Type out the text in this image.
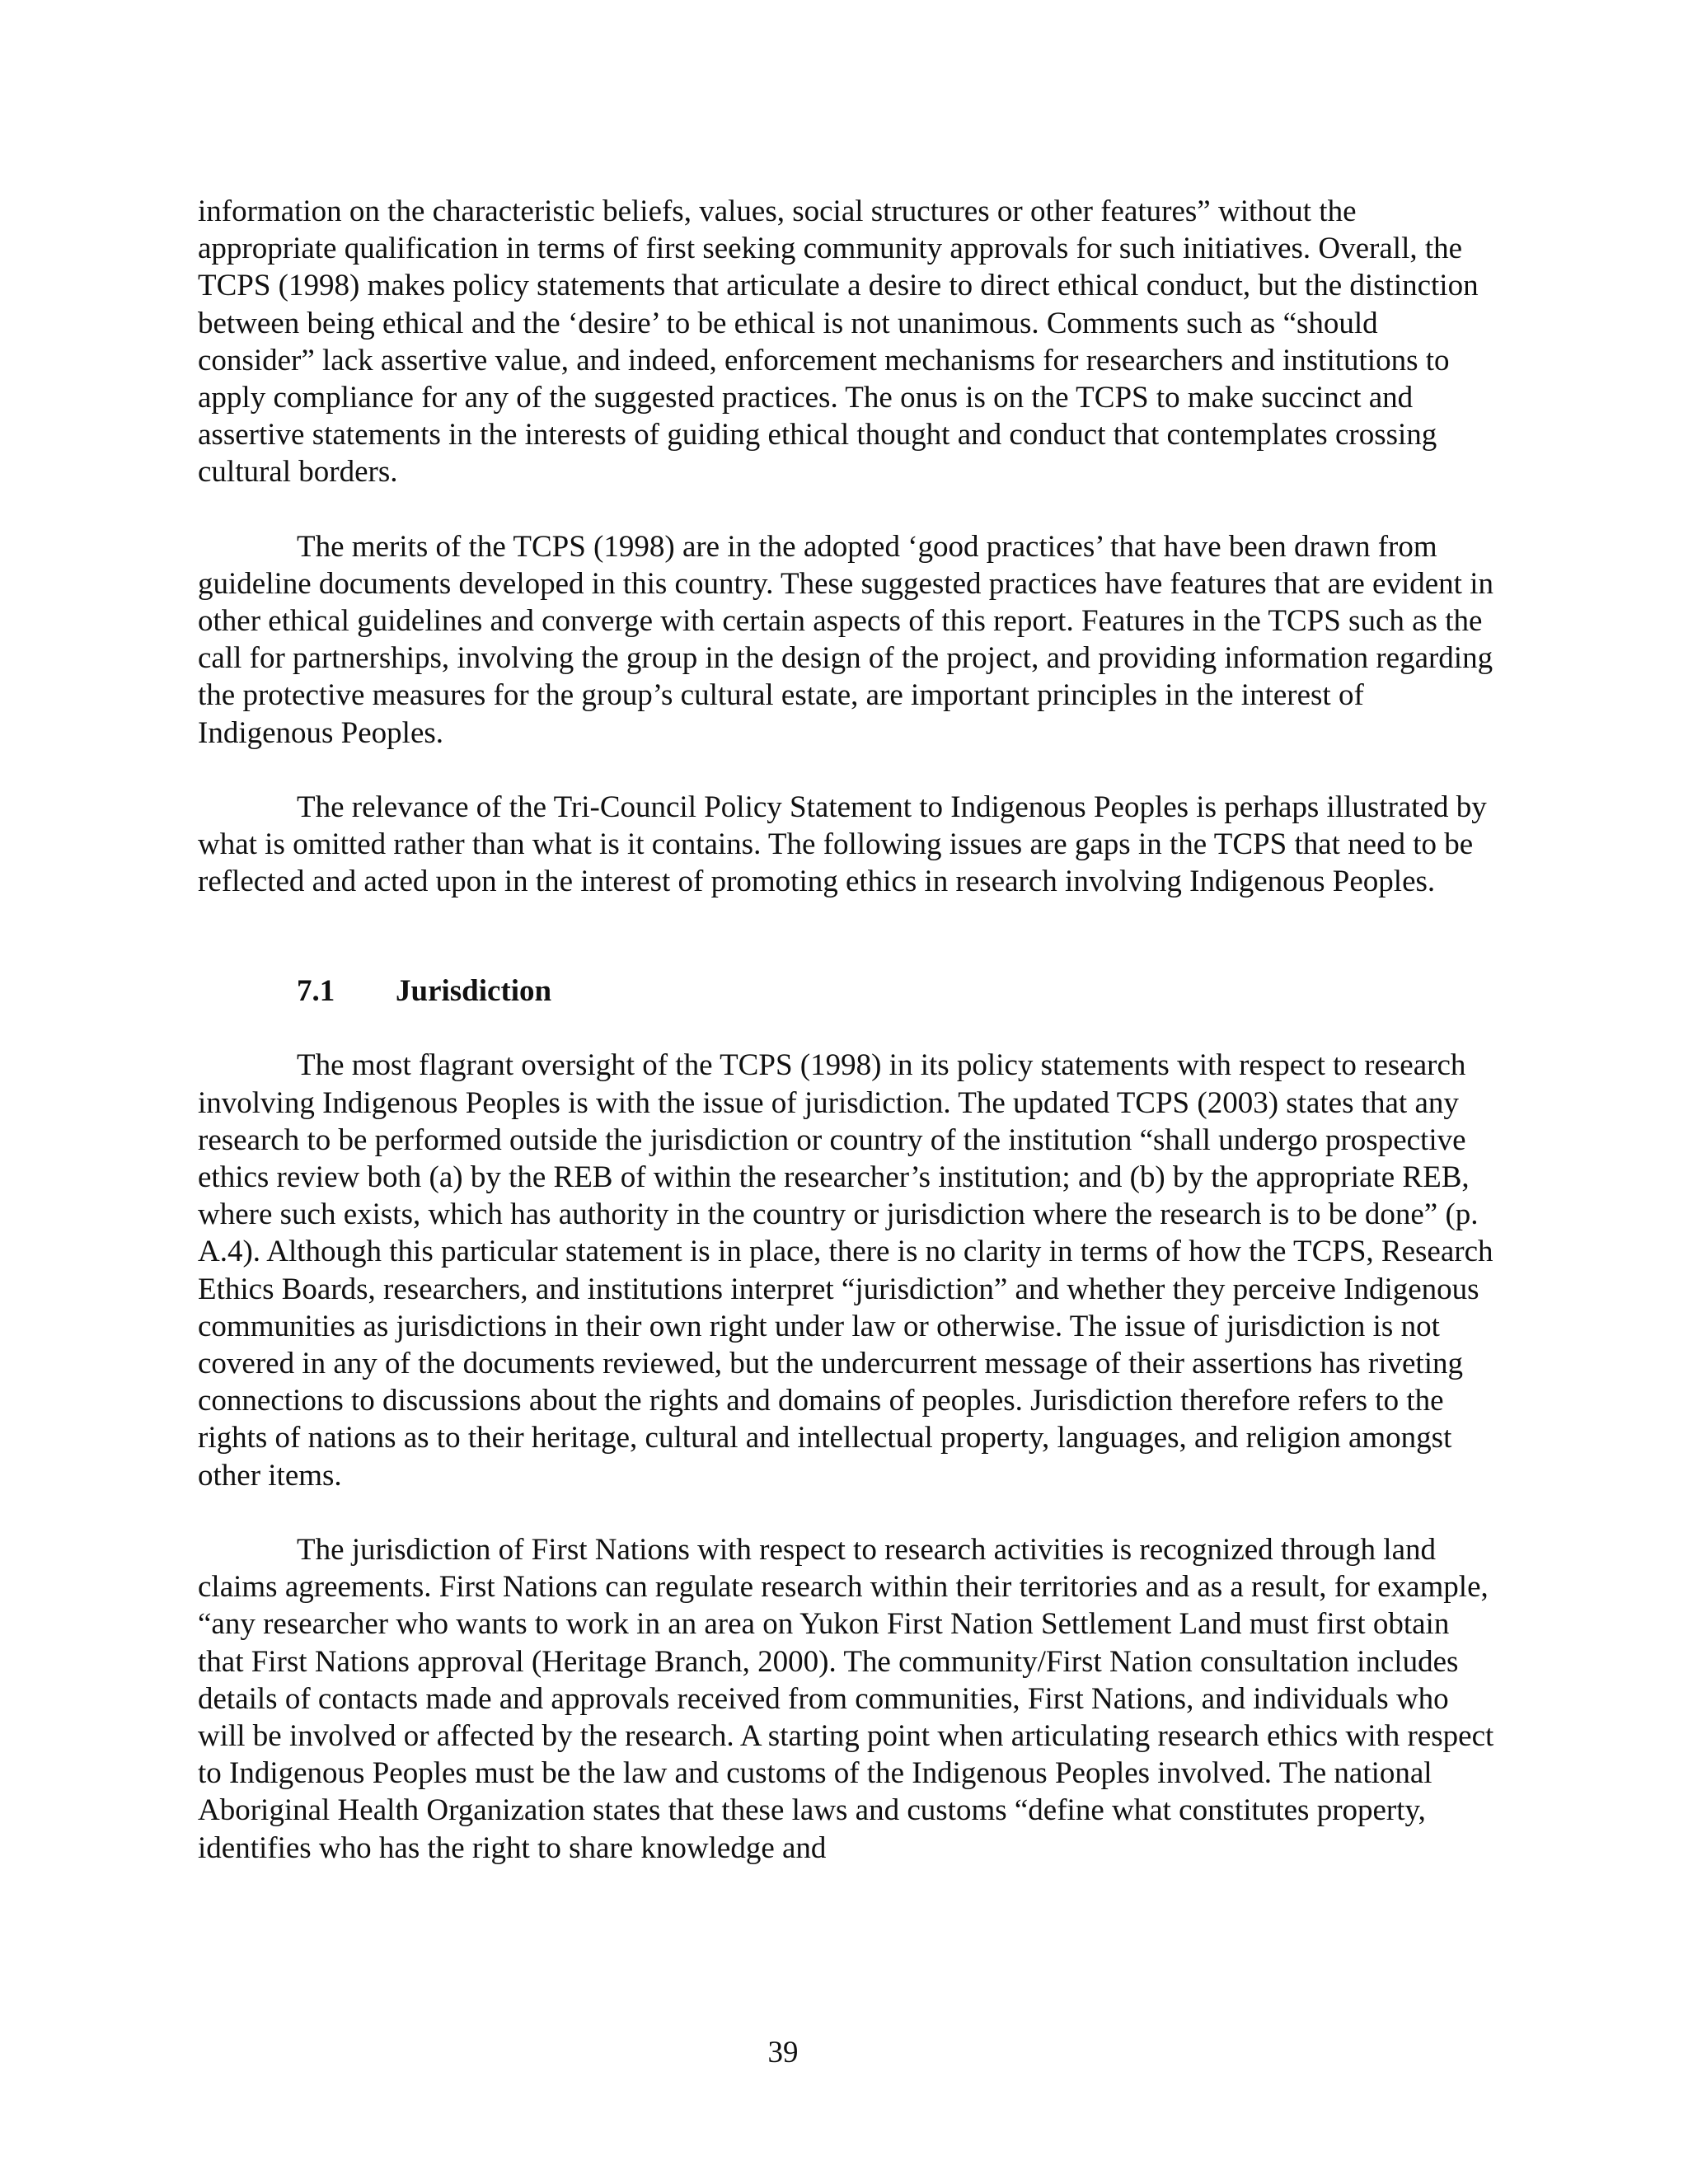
information on the characteristic beliefs, values, social structures or other features” without the appropriate qualification in terms of first seeking community approvals for such initiatives. Overall, the TCPS (1998) makes policy statements that articulate a desire to direct ethical conduct, but the distinction between being ethical and the ‘desire’ to be ethical is not unanimous. Comments such as “should consider” lack assertive value, and indeed, enforcement mechanisms for researchers and institutions to apply compliance for any of the suggested practices. The onus is on the TCPS to make succinct and assertive statements in the interests of guiding ethical thought and conduct that contemplates crossing cultural borders.

The merits of the TCPS (1998) are in the adopted ‘good practices’ that have been drawn from guideline documents developed in this country. These suggested practices have features that are evident in other ethical guidelines and converge with certain aspects of this report. Features in the TCPS such as the call for partnerships, involving the group in the design of the project, and providing information regarding the protective measures for the group’s cultural estate, are important principles in the interest of Indigenous Peoples.

The relevance of the Tri-Council Policy Statement to Indigenous Peoples is perhaps illustrated by what is omitted rather than what is it contains. The following issues are gaps in the TCPS that need to be reflected and acted upon in the interest of promoting ethics in research involving Indigenous Peoples.

7.1	Jurisdiction

The most flagrant oversight of the TCPS (1998) in its policy statements with respect to research involving Indigenous Peoples is with the issue of jurisdiction. The updated TCPS (2003) states that any research to be performed outside the jurisdiction or country of the institution “shall undergo prospective ethics review both (a) by the REB of within the researcher’s institution; and (b) by the appropriate REB, where such exists, which has authority in the country or jurisdiction where the research is to be done” (p. A.4). Although this particular statement is in place, there is no clarity in terms of how the TCPS, Research Ethics Boards, researchers, and institutions interpret “jurisdiction” and whether they perceive Indigenous communities as jurisdictions in their own right under law or otherwise. The issue of jurisdiction is not covered in any of the documents reviewed, but the undercurrent message of their assertions has riveting connections to discussions about the rights and domains of peoples. Jurisdiction therefore refers to the rights of nations as to their heritage, cultural and intellectual property, languages, and religion amongst other items.

The jurisdiction of First Nations with respect to research activities is recognized through land claims agreements. First Nations can regulate research within their territories and as a result, for example, “any researcher who wants to work in an area on Yukon First Nation Settlement Land must first obtain that First Nations approval (Heritage Branch, 2000). The community/First Nation consultation includes details of contacts made and approvals received from communities, First Nations, and individuals who will be involved or affected by the research. A starting point when articulating research ethics with respect to Indigenous Peoples must be the law and customs of the Indigenous Peoples involved. The national Aboriginal Health Organization states that these laws and customs “define what constitutes property, identifies who has the right to share knowledge and

39
